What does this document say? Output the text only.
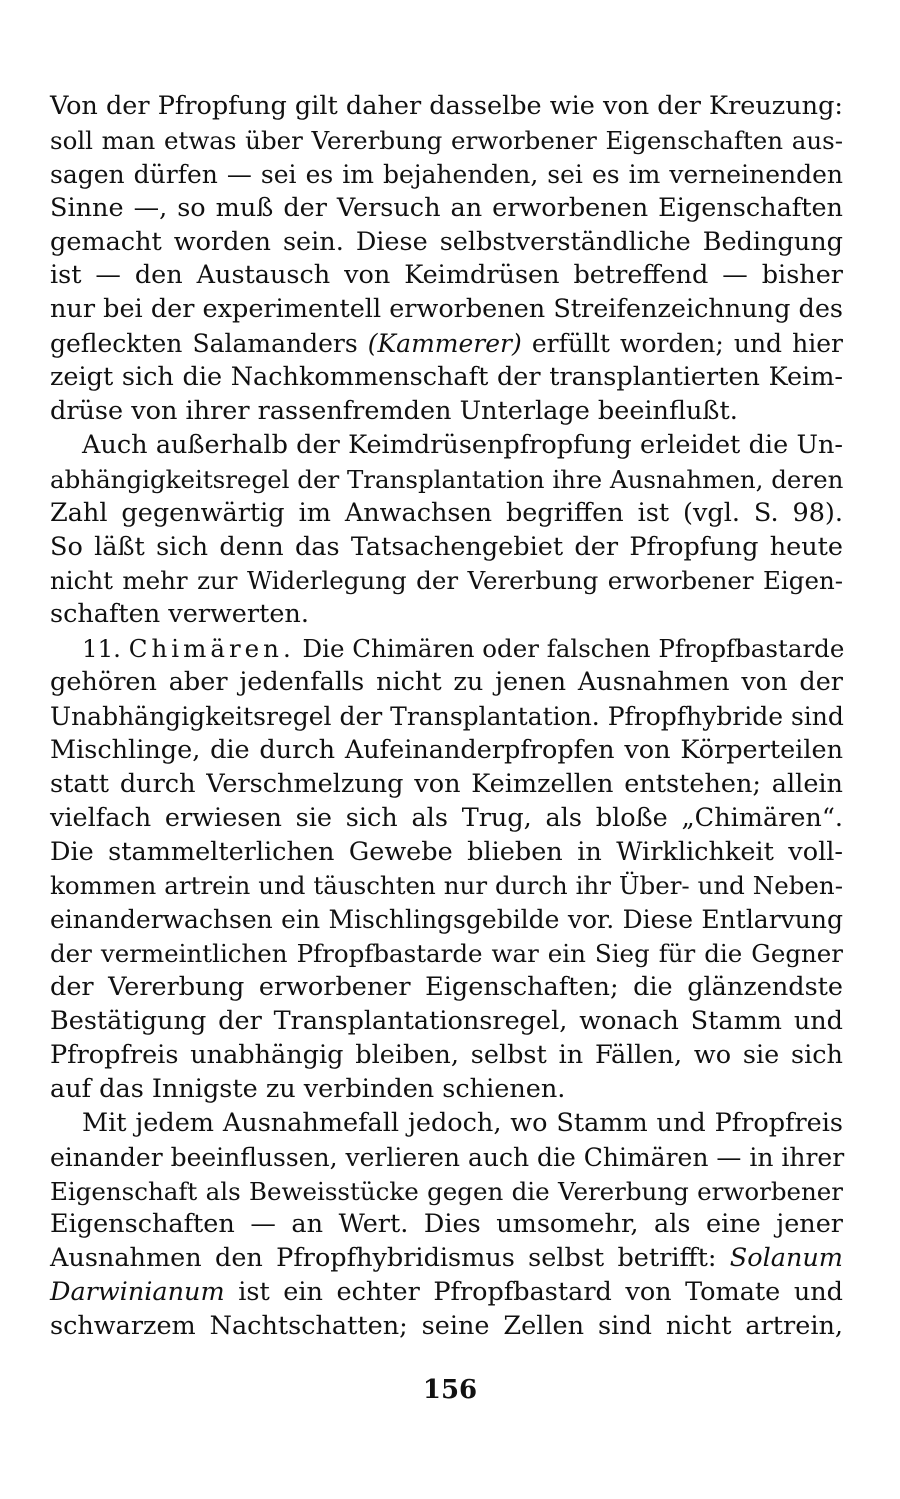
Von der Pfropfung gilt daher dasselbe wie von der Kreuzung:
soll man etwas über Vererbung erworbener Eigenschaften aus-
sagen dürfen — sei es im bejahenden, sei es im verneinenden
Sinne —, so muß der Versuch an erworbenen Eigenschaften
gemacht worden sein. Diese selbstverständliche Bedingung
ist — den Austausch von Keimdrüsen betreffend — bisher
nur bei der experimentell erworbenen Streifenzeichnung des
gefleckten Salamanders (Kammerer) erfüllt worden; und hier
zeigt sich die Nachkommenschaft der transplantierten Keim-
drüse von ihrer rassenfremden Unterlage beeinflußt.
Auch außerhalb der Keimdrüsenpfropfung erleidet die Un-
abhängigkeitsregel der Transplantation ihre Ausnahmen, deren
Zahl gegenwärtig im Anwachsen begriffen ist (vgl. S. 98).
So läßt sich denn das Tatsachengebiet der Pfropfung heute
nicht mehr zur Widerlegung der Vererbung erworbener Eigen-
schaften verwerten.
11. Chimären. Die Chimären oder falschen Pfropfbastarde
gehören aber jedenfalls nicht zu jenen Ausnahmen von der
Unabhängigkeitsregel der Transplantation. Pfropfhybride sind
Mischlinge, die durch Aufeinanderpfropfen von Körperteilen
statt durch Verschmelzung von Keimzellen entstehen; allein
vielfach erwiesen sie sich als Trug, als bloße „Chimären“.
Die stammelterlichen Gewebe blieben in Wirklichkeit voll-
kommen artrein und täuschten nur durch ihr Über- und Neben-
einanderwachsen ein Mischlingsgebilde vor. Diese Entlarvung
der vermeintlichen Pfropfbastarde war ein Sieg für die Gegner
der Vererbung erworbener Eigenschaften; die glänzendste
Bestätigung der Transplantationsregel, wonach Stamm und
Pfropfreis unabhängig bleiben, selbst in Fällen, wo sie sich
auf das Innigste zu verbinden schienen.
Mit jedem Ausnahmefall jedoch, wo Stamm und Pfropfreis
einander beeinflussen, verlieren auch die Chimären — in ihrer
Eigenschaft als Beweisstücke gegen die Vererbung erworbener
Eigenschaften — an Wert. Dies umsomehr, als eine jener
Ausnahmen den Pfropfhybridismus selbst betrifft: Solanum
Darwinianum ist ein echter Pfropfbastard von Tomate und
schwarzem Nachtschatten; seine Zellen sind nicht artrein,
156
